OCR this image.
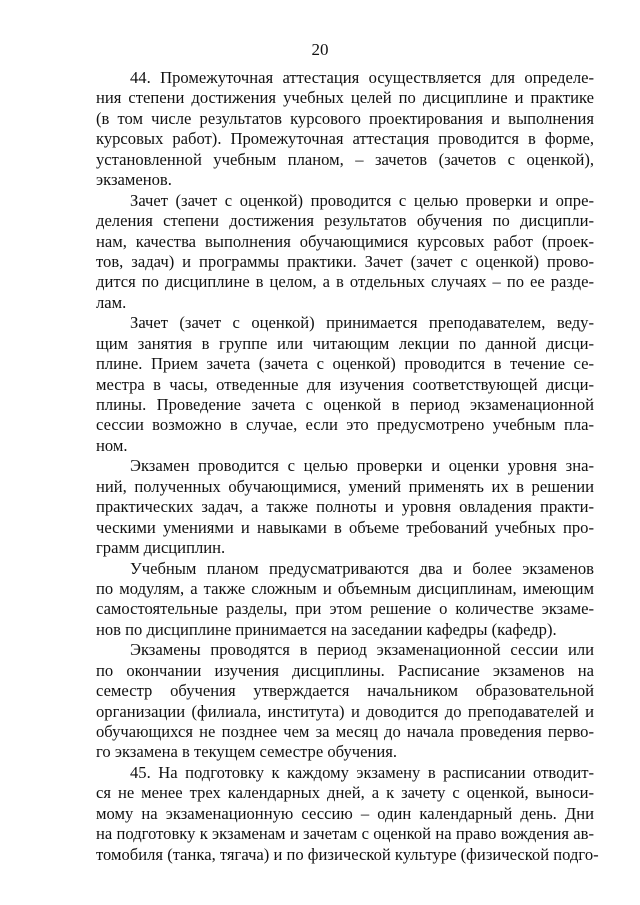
20
44. Промежуточная аттестация осуществляется для определе-
ния степени достижения учебных целей по дисциплине и практике
(в том числе результатов курсового проектирования и выполнения
курсовых работ). Промежуточная аттестация проводится в форме,
установленной учебным планом, – зачетов (зачетов с оценкой),
экзаменов.
Зачет (зачет с оценкой) проводится с целью проверки и опре-
деления степени достижения результатов обучения по дисципли-
нам, качества выполнения обучающимися курсовых работ (проек-
тов, задач) и программы практики. Зачет (зачет с оценкой) прово-
дится по дисциплине в целом, а в отдельных случаях – по ее разде-
лам.
Зачет (зачет с оценкой) принимается преподавателем, веду-
щим занятия в группе или читающим лекции по данной дисци-
плине. Прием зачета (зачета с оценкой) проводится в течение се-
местра в часы, отведенные для изучения соответствующей дисци-
плины. Проведение зачета с оценкой в период экзаменационной
сессии возможно в случае, если это предусмотрено учебным пла-
ном.
Экзамен проводится с целью проверки и оценки уровня зна-
ний, полученных обучающимися, умений применять их в решении
практических задач, а также полноты и уровня овладения практи-
ческими умениями и навыками в объеме требований учебных про-
грамм дисциплин.
Учебным планом предусматриваются два и более экзаменов
по модулям, а также сложным и объемным дисциплинам, имеющим
самостоятельные разделы, при этом решение о количестве экзаме-
нов по дисциплине принимается на заседании кафедры (кафедр).
Экзамены проводятся в период экзаменационной сессии или
по окончании изучения дисциплины. Расписание экзаменов на
семестр обучения утверждается начальником образовательной
организации (филиала, института) и доводится до преподавателей и
обучающихся не позднее чем за месяц до начала проведения перво-
го экзамена в текущем семестре обучения.
45. На подготовку к каждому экзамену в расписании отводит-
ся не менее трех календарных дней, а к зачету с оценкой, выноси-
мому на экзаменационную сессию – один календарный день. Дни
на подготовку к экзаменам и зачетам с оценкой на право вождения ав-
томобиля (танка, тягача) и по физической культуре (физической подго-
